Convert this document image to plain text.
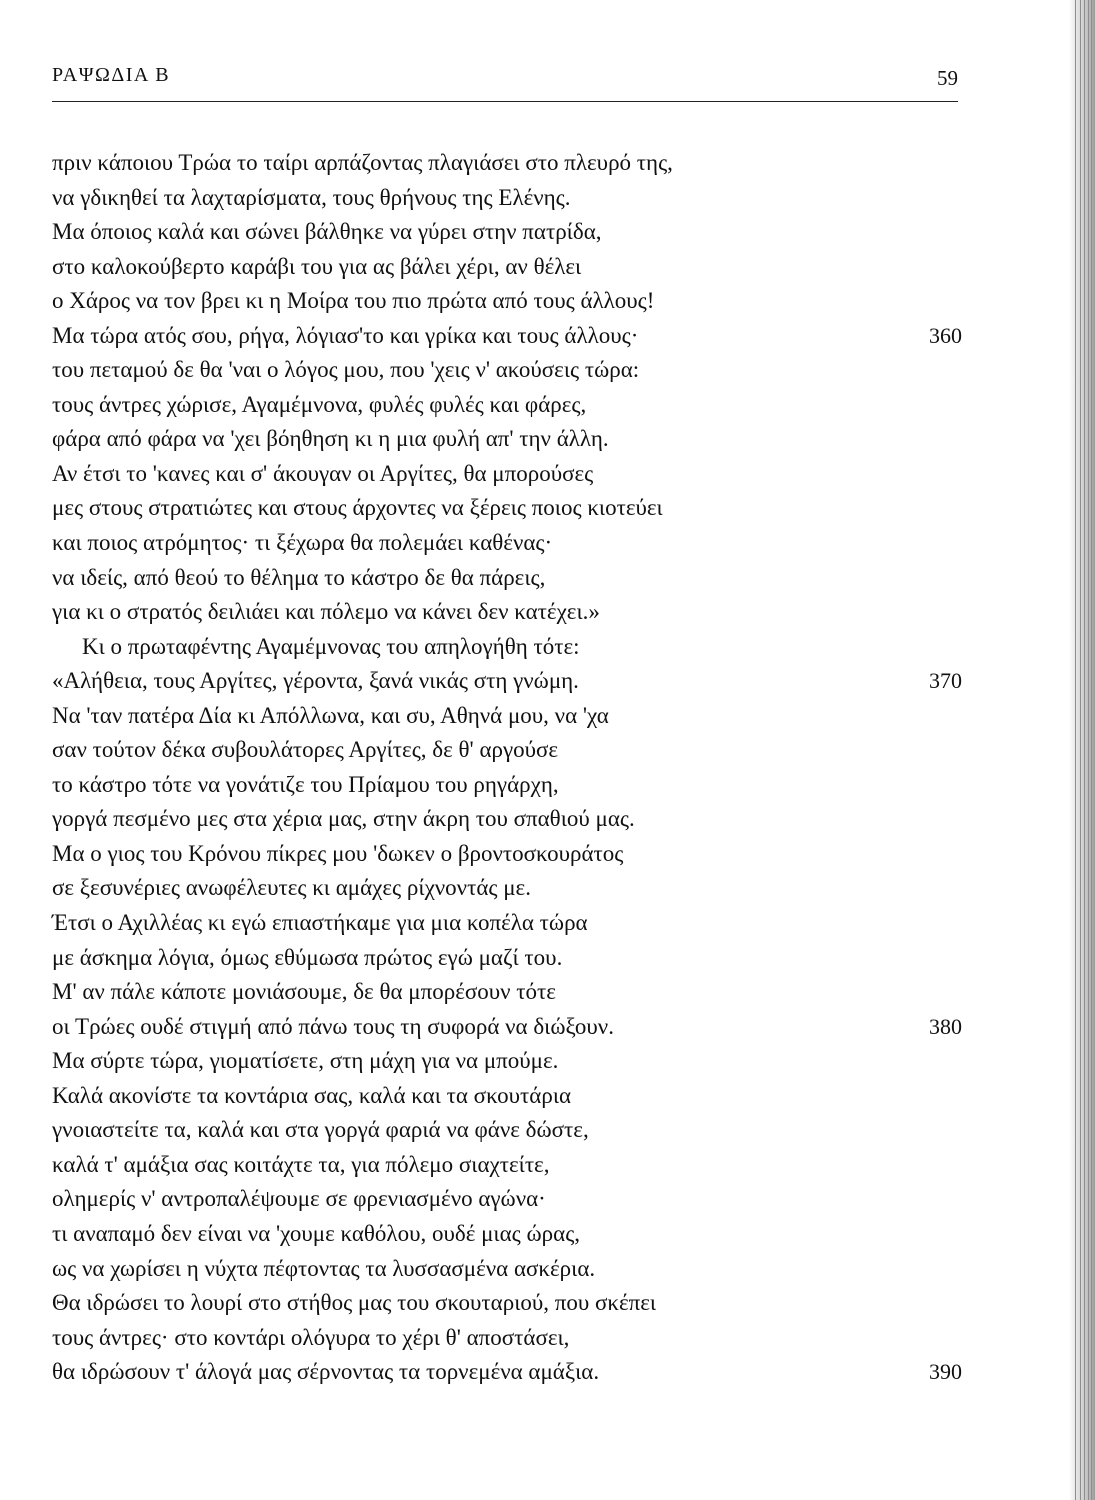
ΡΑΨΩΔΙΑ Β	59
πριν κάποιου Τρώα το ταίρι αρπάζοντας πλαγιάσει στο πλευρό της,
να γδικηθεί τα λαχταρίσματα, τους θρήνους της Ελένης.
Μα όποιος καλά και σώνει βάλθηκε να γύρει στην πατρίδα,
στο καλοκούβερτο καράβι του για ας βάλει χέρι, αν θέλει
ο Χάρος να τον βρει κι η Μοίρα του πιο πρώτα από τους άλλους!
Μα τώρα ατός σου, ρήγα, λόγιασ'το και γρίκα και τους άλλους·	360
του πεταμού δε θα 'ναι ο λόγος μου, που 'χεις ν' ακούσεις τώρα:
τους άντρες χώρισε, Αγαμέμνονα, φυλές φυλές και φάρες,
φάρα από φάρα να 'χει βόηθηση κι η μια φυλή απ' την άλλη.
Αν έτσι το 'κανες και σ' άκουγαν οι Αργίτες, θα μπορούσες
μες στους στρατιώτες και στους άρχοντες να ξέρεις ποιος κιοτεύει
και ποιος ατρόμητος· τι ξέχωρα θα πολεμάει καθένας·
να ιδείς, από θεού το θέλημα το κάστρο δε θα πάρεις,
για κι ο στρατός δειλιάει και πόλεμο να κάνει δεν κατέχει.»
Κι ο πρωταφέντης Αγαμέμνονας του απηλογήθη τότε:
«Αλήθεια, τους Αργίτες, γέροντα, ξανά νικάς στη γνώμη.	370
Να 'ταν πατέρα Δία κι Απόλλωνα, και συ, Αθηνά μου, να 'χα
σαν τούτον δέκα συβουλάτορες Αργίτες, δε θ' αργούσε
το κάστρο τότε να γονάτιζε του Πρίαμου του ρηγάρχη,
γοργά πεσμένο μες στα χέρια μας, στην άκρη του σπαθιού μας.
Μα ο γιος του Κρόνου πίκρες μου 'δωκεν ο βροντοσκουράτος
σε ξεσυνέριες ανωφέλευτες κι αμάχες ρίχνοντάς με.
Έτσι ο Αχιλλέας κι εγώ επιαστήκαμε για μια κοπέλα τώρα
με άσκημα λόγια, όμως εθύμωσα πρώτος εγώ μαζί του.
Μ' αν πάλε κάποτε μονιάσουμε, δε θα μπορέσουν τότε
οι Τρώες ουδέ στιγμή από πάνω τους τη συφορά να διώξουν.	380
Μα σύρτε τώρα, γιοματίσετε, στη μάχη για να μπούμε.
Καλά ακονίστε τα κοντάρια σας, καλά και τα σκουτάρια
γνοιαστείτε τα, καλά και στα γοργά φαριά να φάνε δώστε,
καλά τ' αμάξια σας κοιτάχτε τα, για πόλεμο σιαχτείτε,
ολημερίς ν' αντροπαλέψουμε σε φρενιασμένο αγώνα·
τι αναπαμό δεν είναι να 'χουμε καθόλου, ουδέ μιας ώρας,
ως να χωρίσει η νύχτα πέφτοντας τα λυσσασμένα ασκέρια.
Θα ιδρώσει το λουρί στο στήθος μας του σκουταριού, που σκέπει
τους άντρες· στο κοντάρι ολόγυρα το χέρι θ' αποστάσει,
θα ιδρώσουν τ' άλογά μας σέρνοντας τα τορνεμένα αμάξια.	390
